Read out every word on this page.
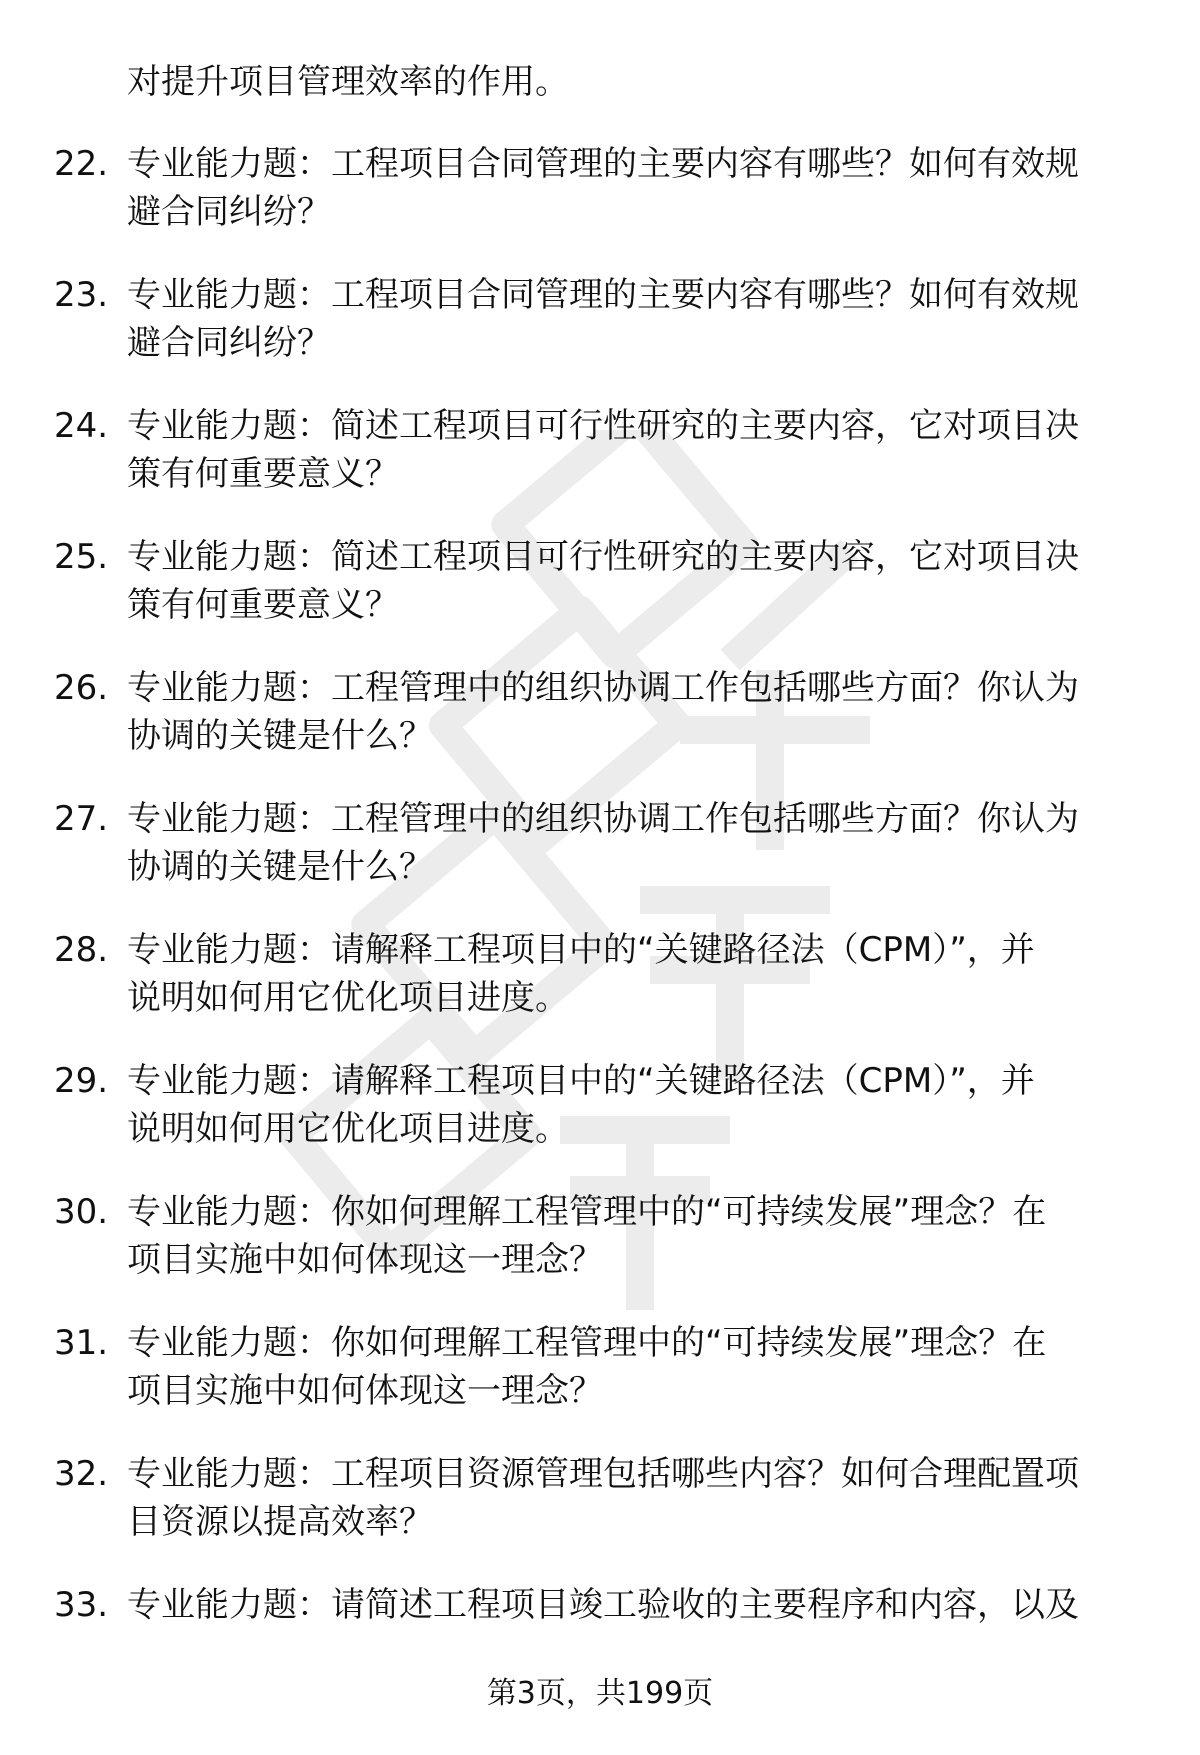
对提升项目管理效率的作用。
22. 专业能力题：工程项目合同管理的主要内容有哪些？如何有效规
避合同纠纷？
23. 专业能力题：工程项目合同管理的主要内容有哪些？如何有效规
避合同纠纷？
24. 专业能力题：简述工程项目可行性研究的主要内容，它对项目决
策有何重要意义？
25. 专业能力题：简述工程项目可行性研究的主要内容，它对项目决
策有何重要意义？
26. 专业能力题：工程管理中的组织协调工作包括哪些方面？你认为
协调的关键是什么？
27. 专业能力题：工程管理中的组织协调工作包括哪些方面？你认为
协调的关键是什么？
28. 专业能力题：请解释工程项目中的“关键路径法（CPM）”，并
说明如何用它优化项目进度。
29. 专业能力题：请解释工程项目中的“关键路径法（CPM）”，并
说明如何用它优化项目进度。
30. 专业能力题：你如何理解工程管理中的“可持续发展”理念？在
项目实施中如何体现这一理念？
31. 专业能力题：你如何理解工程管理中的“可持续发展”理念？在
项目实施中如何体现这一理念？
32. 专业能力题：工程项目资源管理包括哪些内容？如何合理配置项
目资源以提高效率？
33. 专业能力题：请简述工程项目竣工验收的主要程序和内容，以及
第3页，共199页
